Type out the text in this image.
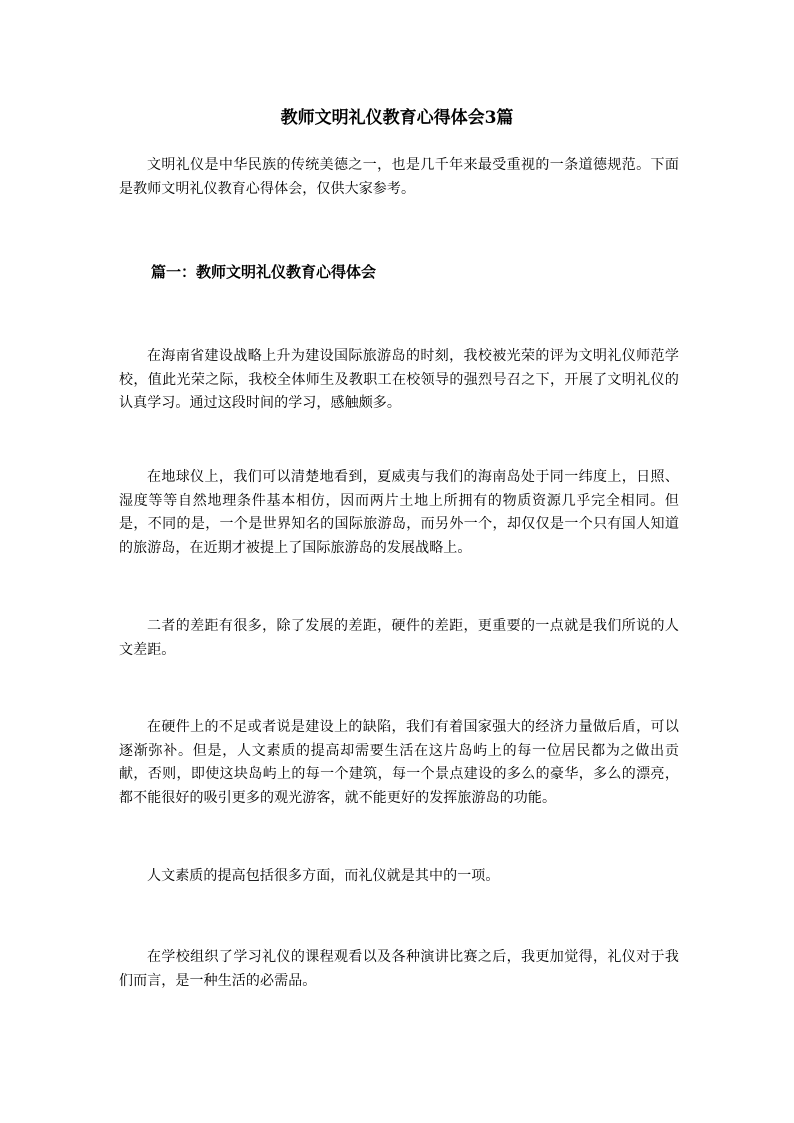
教师文明礼仪教育心得体会3篇

文明礼仪是中华民族的传统美德之一，也是几千年来最受重视的一条道德规范。下面是教师文明礼仪教育心得体会，仅供大家参考。

篇一：教师文明礼仪教育心得体会

在海南省建设战略上升为建设国际旅游岛的时刻，我校被光荣的评为文明礼仪师范学校，值此光荣之际，我校全体师生及教职工在校领导的强烈号召之下，开展了文明礼仪的认真学习。通过这段时间的学习，感触颇多。

在地球仪上，我们可以清楚地看到，夏威夷与我们的海南岛处于同一纬度上，日照、湿度等等自然地理条件基本相仿，因而两片土地上所拥有的物质资源几乎完全相同。但是，不同的是，一个是世界知名的国际旅游岛，而另外一个，却仅仅是一个只有国人知道的旅游岛，在近期才被提上了国际旅游岛的发展战略上。

二者的差距有很多，除了发展的差距，硬件的差距，更重要的一点就是我们所说的人文差距。

在硬件上的不足或者说是建设上的缺陷，我们有着国家强大的经济力量做后盾，可以逐渐弥补。但是，人文素质的提高却需要生活在这片岛屿上的每一位居民都为之做出贡献，否则，即使这块岛屿上的每一个建筑，每一个景点建设的多么的豪华，多么的漂亮，都不能很好的吸引更多的观光游客，就不能更好的发挥旅游岛的功能。

人文素质的提高包括很多方面，而礼仪就是其中的一项。

在学校组织了学习礼仪的课程观看以及各种演讲比赛之后，我更加觉得，礼仪对于我们而言，是一种生活的必需品。
